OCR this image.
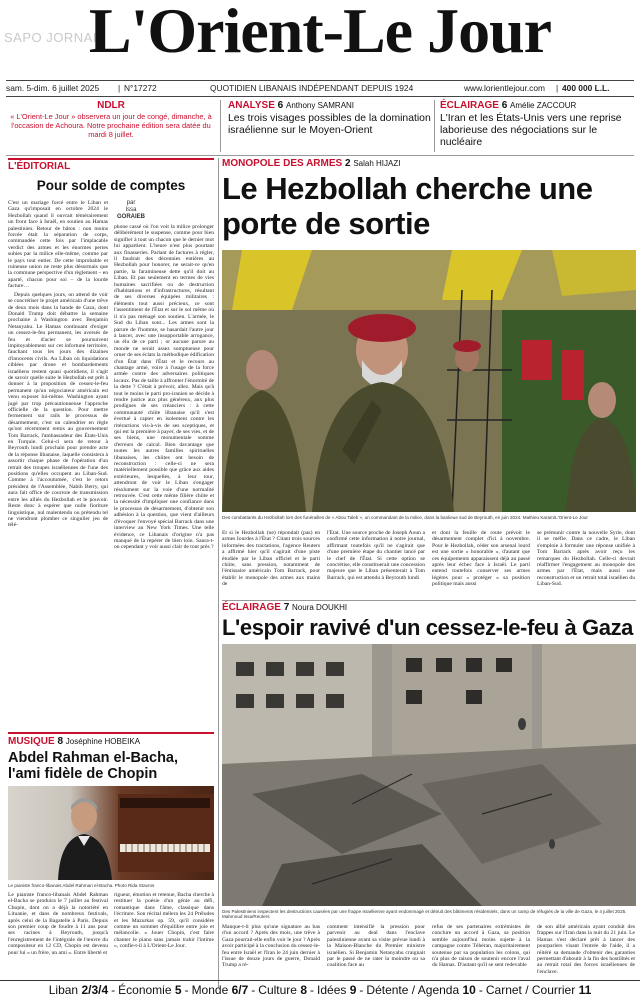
SAPO JORNAIS
L'Orient-Le Jour
sam. 5-dim. 6 juillet 2025 | N°17272	QUOTIDIEN LIBANAIS INDÉPENDANT DEPUIS 1924	www.lorientlejour.com | 400 000 L.L.
NDLR
« L'Orient-Le Jour » observera un jour de congé, dimanche, à l'occasion de Achoura. Notre prochaine édition sera datée du mardi 8 juillet.
ANALYSE 6 Anthony SAMRANI
Les trois visages possibles de la domination israélienne sur le Moyen-Orient
ÉCLAIRAGE 6 Amélie ZACCOUR
L'Iran et les États-Unis vers une reprise laborieuse des négociations sur le nucléaire
L'ÉDITORIAL
Pour solde de comptes
C'est un mariage forcé entre le Liban et Gaza qu'imposait en octobre 2024 le Hezbollah quand il ouvrait témérairement un front face à Israël, en soutien au Hamas palestinien. Retour de bâton : non moins forcée était la séparation de corps, commandée cette fois par l'implacable verdict des armes et les énormes pertes subies par la milice elle-même, comme par le pays tout entier. De cette improbable et ruineuse union ne reste plus désormais que la commune perspective d'un règlement – en aparté, chacun pour soi – de la lourde facture…
Depuis quelques jours, on attend de voir se concrétiser le projet américain d'une trêve de deux mois dans la bande de Gaza, dont Donald Trump doit débattre la semaine prochaine à Washington avec Benjamin Netanyahu. Le Hamas continuant d'exiger un cessez-le-feu permanent, les aversés de feu et d'acier se poursuivent impitoyablement sur cet infortuné territoire, fauchant tous les jours des dizaines d'innocents civils. Au Liban où liquidations ciblées par drone et bombardements israéliens restent quasi quotidiens, il s'agit de savoir quelle suite le Hezbollah est prêt à donner à la proposition de cessez-le-feu permanent qu'un négociateur américain est venu exposer lui-même. Washington ayant jugé par trop précautionneuse l'approche officielle de la question. Pour mettre fermement sur rails le processus de désarmement, c'est un calendrier en règle qu'ont récemment remis au gouvernement Tom Barrack, l'ambassadeur des États-Unis en Turquie. Celui-ci sera de retour à Beyrouth lundi prochain pour prendre acte de la réponse libanaise, laquelle consistera à assortir chaque phase de l'opération d'un retrait des troupes israéliennes de l'une des positions qu'elles occupent au Liban-Sud. Comme à l'accoutumée, c'est le retors président de l'Assemblée, Nabih Berry, qui aura fait office de courroie de transmission entre les alliés du Hezbollah et le pouvoir. Reste donc à espérer que nulle fioriture linguistique, nul malentendu ou prétendu tel ne viendront plomber ce singulier jeu de télé-
par
Issa
GORAIEB
phone cassé où l'on voit la milice prolonger délibérément le suspense, comme pour bien signifier à tout un chacun que le dernier mot lui appartient. L'heure n'est plus pourtant aux finasseries. Parlant de factures à régler, il faudrait des décennies entières au Hezbollah pour honorer, ne serait-ce qu'en partie, la faramineuse dette qu'il doit au Liban. Et pas seulement en termes de vies humaines sacrifiées ou de destruction d'habitations et d'infrastructures, résultant de ses diverses équipées militaires : éléments tout aussi précieux, ce sont l'assentiment de l'État et sur le sol même où il n'a pas ménagé son soutien. L'armée, le Sud du Liban sont... Les armes sont la parure de l'homme, se hasardait l'autre jour à lancer, avec une insupportable arrogance, un élu de ce parti ; or aucune parure au monde ne serait assez somptueuse pour orner de ses éclats la méthodique édification d'un État dans l'État et le recours au chantage armé, voire à l'usage de la force armée contre des adversaires politiques locaux. Pas de taille à affronter l'énormité de la dette ? C'était à prévoir, allez. Mais qu'à tout le moins le parti pro-iranien se décide à rendre justice aux plus généreux, aux plus prodigues de ses créanciers : à cette communauté chiite libanaise qu'il s'est évertué à capter en isolement contre les ritéractions vis-à-vis de ses sceptiques, et qui est la première à payer, de ses vies, et de ses biens, une monumentale somme d'erreurs de calcul. Bien davantage que toutes les autres familles spirituelles libanaises, les chiites ont besoin de reconstruction : celle-ci ne sera matériellement possible que grâce aux aides extérieures, lesquelles, à leur tour, attendront de voir le Liban s'engager résolument sur la voie d'une normalité retrouvée. C'est cette même filière chiite et la nécessité d'impliquer une confiance dans le processus de désarmement, d'obtenir son adhésion à la question, que vient d'ailleurs d'évoquer l'envoyé spécial Barrack dans une interview au New York Times. Une telle évidence, ce Libanais d'origine n'a pas manqué de la repérer de bien loin. Saura-t-on cependant y voir aussi clair de tout près ?
MUSIQUE 8 Joséphine HOBEIKA
Abdel Rahman el-Bacha, l'ami fidèle de Chopin
Le pianiste franco-libanais Abdel Rahman el-Bacha. Photo Rida Stavros
Le pianiste franco-libanais Abdel Rahman el-Bacha se produira le 7 juillet au festival Chopin, dont on a déjà la notoriété en Lituanie, et dans de nombreux festivals, après celui de la Bagatelle à Paris. Depuis son premier coup de foudre à 11 ans pour ses racines à Beyrouth, jusqu'à l'enregistrement de l'intégrale de l'œuvre du compositeur en 12 CD, Chopin est devenu pour lui « un frère, un ami ». Entre liberté et
rigueur, émotion et retenue, Bacha cherche à restituer la poésie d'un génie au défi, romantique dans l'âme, classique dans l'écriture. Son récital mélera les 24 Préludes et les Mazurkas op. 59, qu'il considère comme un sommet d'équilibre entre joie et mélancolie. « Jouer Chopin, c'est faire chanter le piano sans jamais trahir l'intime », confie-t-il à L'Orient-Le Jour.
MONOPOLE DES ARMES 2 Salah HIJAZI
Le Hezbollah cherche une porte de sortie
Des combattants du Hezbollah lors des funérailles de « Abou Taleb », un commandant de la milice, dans la banlieue sud de Beyrouth, en juin 2024. Mathieu Karam/L'Orient-Le Jour
Et si le Hezbollah (ne) répondait (pas) en armes Iourdes à l'État ? Citant trois sources informées des tractations, l'agence Reuters a affirmé hier qu'il s'agirait d'une piste étudiée par le Liban officiel et le parti chiite, sans pression, notamment de l'émissaire américain Tom Barrack, pour établir le monopole des armes aux mains de
l'État. Une source proche de Joseph Aoun a confirmé cette information à notre journal, affirmant toutefois qu'il ne s'agirait que d'une première étape du chantier lancé par le chef de l'État. Si cette option se concrétise, elle constituerait une concession majeure que le Liban présenterait à Tom Barrack, qui est attendu à Beyrouth lundi
et dont la feuille de route prévoit le désarmement complet d'ici à novembre. Pour le Hezbollah, céder son arsenal lourd est une sortie « honorable », d'autant que ces équipements apparaissent déjà au passé après leur échec face à Israël. Le parti entend toutefois conserver ses armes légères pour « protéger » sa position politique mais aussi
se prémunir contre la nouvelle Syrie, dont il se méfie. Dans ce cadre, le Liban s'emploie à formuler une réponse unifiée à Tom Barrack après avoir reçu les remarques du Hezbollah. Celle-ci devrait réaffirmer l'engagement au monopole des armes par l'État, mais aussi une reconstruction et un retrait total israélien du Liban-Sud.
ÉCLAIRAGE 7 Noura DOUKHI
L'espoir ravivé d'un cessez-le-feu à Gaza
Des Palestiniens inspectent les destructions causées par une frappe israélienne ayant endommagé et détruit des bâtiments résidentiels, dans un camp de réfugiés de la ville de Gaza, le 4 juillet 2025. Mahmoud Issa/Reuters
Manque-t-il plus qu'une signature au bas d'un accord ? Aprés des mois, une trêve à Gaza pourrait-elle enfin voir le jour ? Après avoir participé à la conclusion du cessez-le-feu entre Israël et l'Iran le 24 juin dernier à l'issue de douze jours de guerre, Donald Trump a ré-
comment intensifié la pression pour parvenir au deal dans l'enclave palestinienne avant sa visite prévue lundi à la Maison-Blanche du Premier ministre israélien. Si Benjamin Netanyahu craignait par le passé de ne rater la moindre ou sa coalition face au
refus de ses partenaires extrémistes de conclure un accord à Gaza, sa position semble aujourd'hui moins sujette à la campagne contre Téhéran, majoritairement soutenue par sa population les colons, qui n'a plus de raison de soutenir encore l'aval du Hamas. D'autant qu'il se sent redevable
de son allié américain ayant conduit des frappes sur l'Iran dans la nuit du 21 juin. Le Hamas s'est déclaré prêt à lancer des pourparlers visant l'entrée de l'aide, il a réitéré sa demande d'obtenir des garanties permettant d'aboutir à la fin des hostilités et au retrait total des forces israéliennes de l'enclave.
Liban 2/3/4 - Économie 5 - Monde 6/7 - Culture 8 - Idées 9 - Détente / Agenda 10 - Carnet / Courrier 11
